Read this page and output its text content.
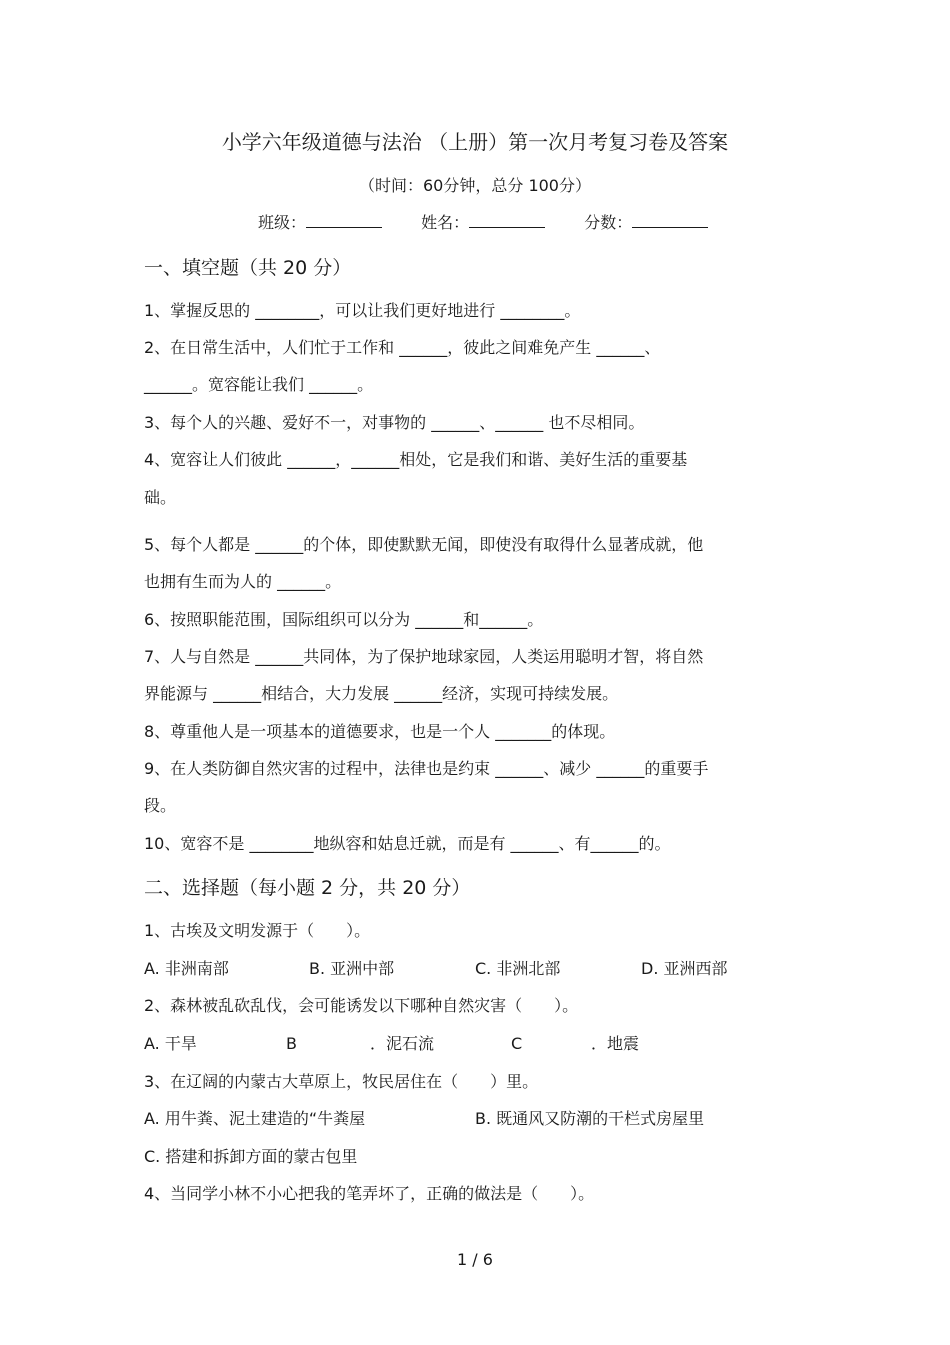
小学六年级道德与法治 （上册）第一次月考复习卷及答案
（时间：60分钟，总分 100分）
班级：	姓名：	分数：
一、填空题（共 20 分）
1、掌握反思的 ________，可以让我们更好地进行 ________。
2、在日常生活中，人们忙于工作和 ______，彼此之间难免产生 ______、
______。宽容能让我们 ______。
3、每个人的兴趣、爱好不一，对事物的 ______、______ 也不尽相同。
4、宽容让人们彼此 ______，______相处，它是我们和谐、美好生活的重要基
础。
5、每个人都是 ______的个体，即使默默无闻，即使没有取得什么显著成就，他
也拥有生而为人的 ______。
6、按照职能范围，国际组织可以分为 ______和______。
7、人与自然是 ______共同体，为了保护地球家园，人类运用聪明才智，将自然
界能源与 ______相结合，大力发展 ______经济，实现可持续发展。
8、尊重他人是一项基本的道德要求，也是一个人 _______的体现。
9、在人类防御自然灾害的过程中，法律也是约束 ______、减少 ______的重要手
段。
10、宽容不是 ________地纵容和姑息迁就，而是有 ______、有______的。
二、选择题（每小题 2 分，共 20 分）
1、古埃及文明发源于（　　）。
A. 非洲南部	B. 亚洲中部	C. 非洲北部	D. 亚洲西部
2、森林被乱砍乱伐，会可能诱发以下哪种自然灾害（　　）。
A. 干旱	B	．泥石流	C	．地震
3、在辽阔的内蒙古大草原上，牧民居住在（　　）里。
A. 用牛粪、泥土建造的“牛粪屋	B. 既通风又防潮的干栏式房屋里
C. 搭建和拆卸方面的蒙古包里
4、当同学小林不小心把我的笔弄坏了，正确的做法是（　　）。
1 / 6
